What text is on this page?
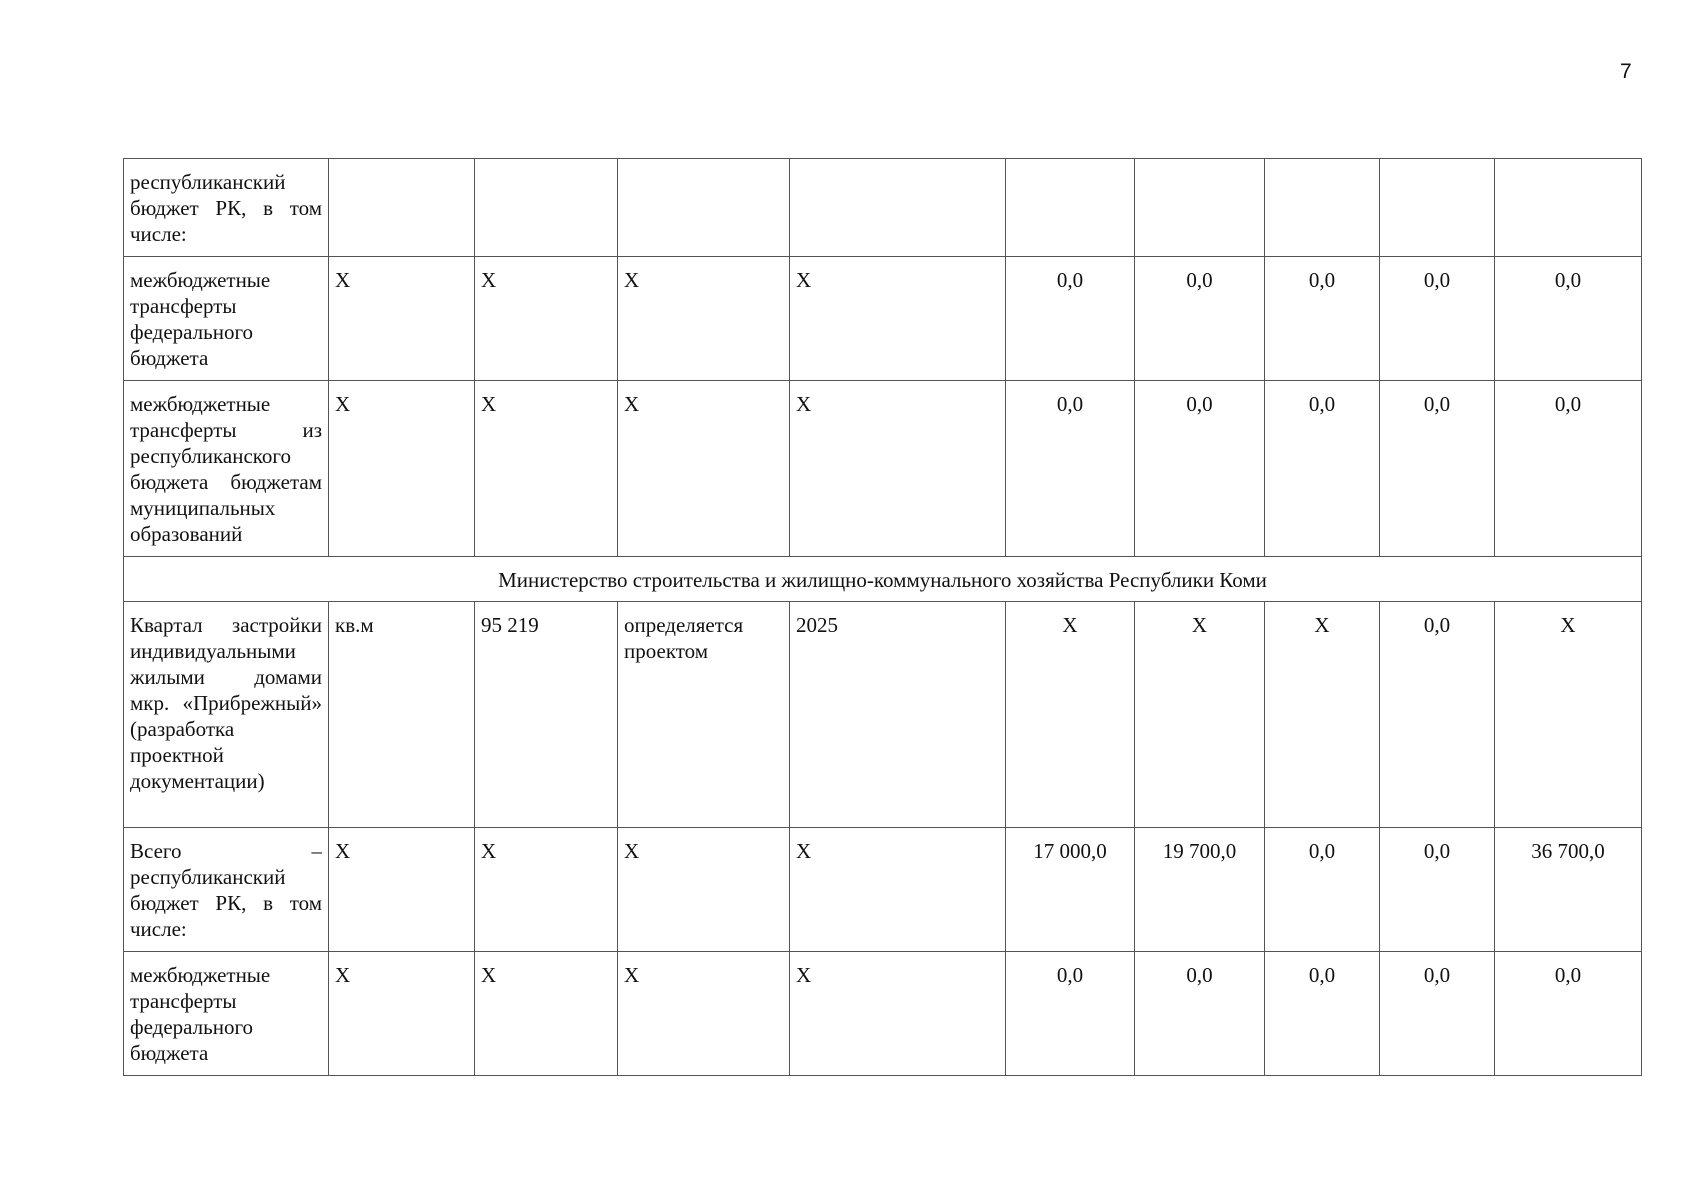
7
республиканский бюджет РК, в том числе:									
межбюджетные трансферты федерального бюджета	Х	Х	Х	Х	0,0	0,0	0,0	0,0	0,0
межбюджетные трансферты из республиканского бюджета бюджетам муниципальных образований	Х	Х	Х	Х	0,0	0,0	0,0	0,0	0,0
Министерство строительства и жилищно-коммунального хозяйства Республики Коми									
Квартал застройки индивидуальными жилыми домами мкр. «Прибрежный» (разработка проектной документации)	кв.м	95 219	определяется проектом	2025	Х	Х	Х	0,0	Х
Всего – республиканский бюджет РК, в том числе:	Х	Х	Х	Х	17 000,0	19 700,0	0,0	0,0	36 700,0
межбюджетные трансферты федерального бюджета	Х	Х	Х	Х	0,0	0,0	0,0	0,0	0,0
